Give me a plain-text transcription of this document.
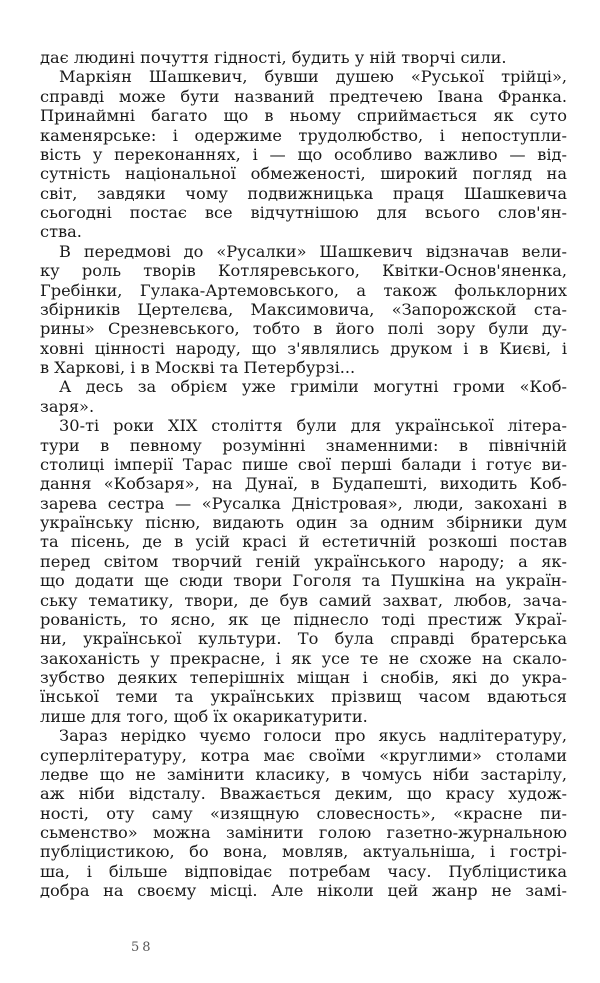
дає людині почуття гідності, будить у ній творчі сили.
Маркіян Шашкевич, бувши душею «Руської трійці»,
справді може бути названий предтечею Івана Франка.
Принаймні багато що в ньому сприймається як суто
каменярське: і одержиме трудолюбство, і непоступли-
вість у переконаннях, і — що особливо важливо — від-
сутність національної обмеженості, широкий погляд на
світ, завдяки чому подвижницька праця Шашкевича
сьогодні постає все відчутнішою для всього слов'ян-
ства.
В передмові до «Русалки» Шашкевич відзначав вели-
ку роль творів Котляревського, Квітки-Основ'яненка,
Гребінки, Гулака-Артемовського, а також фольклорних
збірників Цертелєва, Максимовича, «Запорожской ста-
рины» Срезневського, тобто в його полі зору були ду-
ховні цінності народу, що з'являлись друком і в Києві, і
в Харкові, і в Москві та Петербурзі...
А десь за обрієм уже гриміли могутні громи «Коб-
заря».
30-ті роки XIX століття були для української літера-
тури в певному розумінні знаменними: в північній
столиці імперії Тарас пише свої перші балади і готує ви-
дання «Кобзаря», на Дунаї, в Будапешті, виходить Коб-
зарева сестра — «Русалка Дністровая», люди, закохані в
українську пісню, видають один за одним збірники дум
та пісень, де в усій красі й естетичній розкоші постав
перед світом творчий геній українського народу; а як-
що додати ще сюди твори Гоголя та Пушкіна на україн-
ську тематику, твори, де був самий захват, любов, зача-
рованість, то ясно, як це піднесло тоді престиж Украї-
ни, української культури. То була справді братерська
закоханість у прекрасне, і як усе те не схоже на скало-
зубство деяких теперішніх міщан і снобів, які до укра-
їнської теми та українських прізвищ часом вдаються
лише для того, щоб їх окарикатурити.
Зараз нерідко чуємо голоси про якусь надлітературу,
суперлітературу, котра має своїми «круглими» столами
ледве що не замінити класику, в чомусь ніби застарілу,
аж ніби відсталу. Вважається деким, що красу худож-
ності, оту саму «изящную словесность», «красне пи-
сьменство» можна замінити голою газетно-журнальною
публіцистикою, бо вона, мовляв, актуальніша, і гострі-
ша, і більше відповідає потребам часу. Публіцистика
добра на своєму місці. Але ніколи цей жанр не замі-
58
